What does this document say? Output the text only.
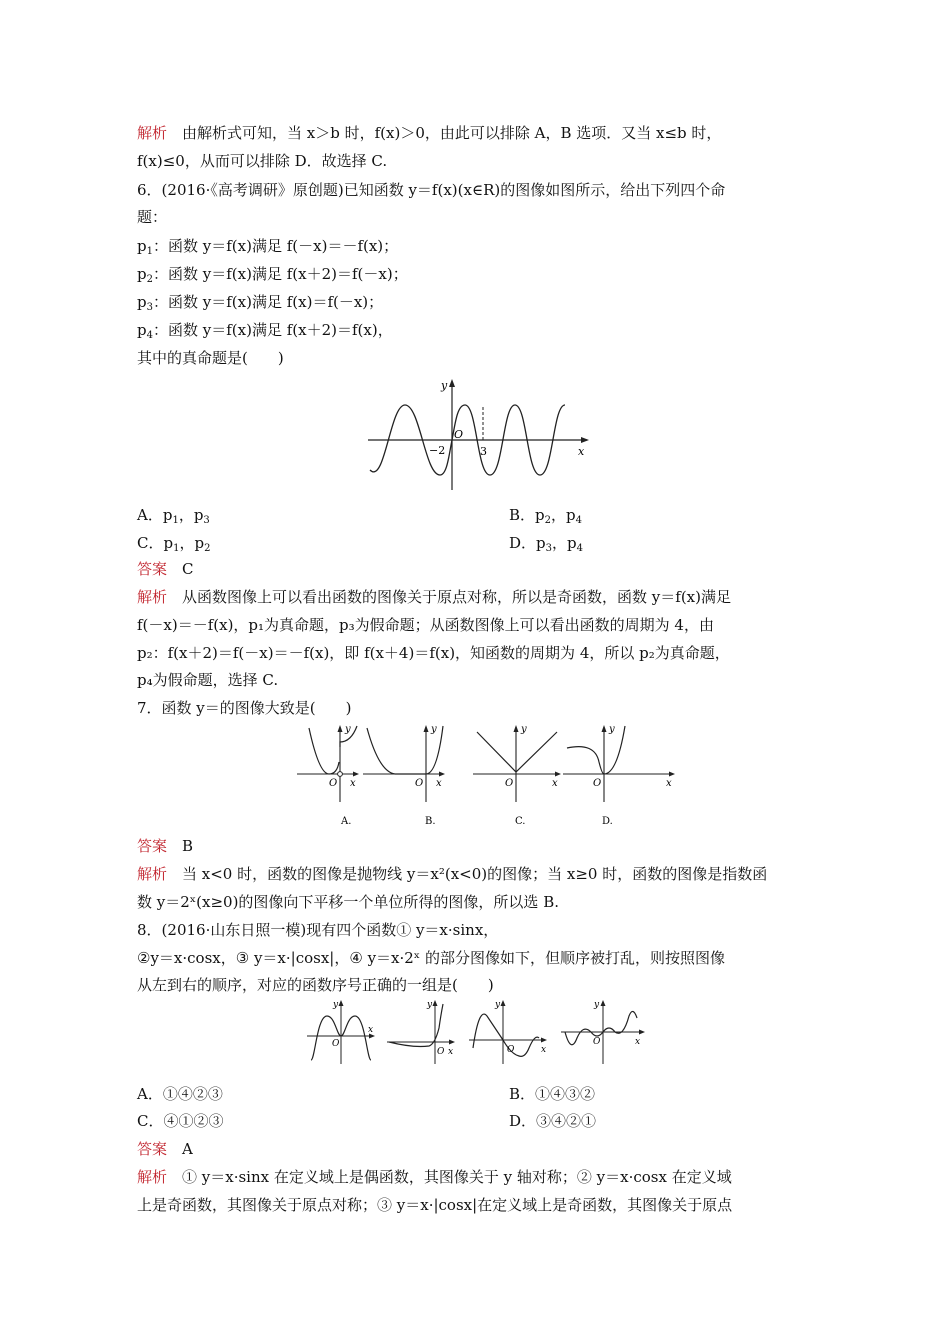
解析  由解析式可知，当 x＞b 时，f(x)＞0，由此可以排除 A，B 选项．又当 x≤b 时，
f(x)≤0，从而可以排除 D．故选择 C.
6．(2016·《高考调研》原创题)已知函数 y＝f(x)(x∈R)的图像如图所示，给出下列四个命
题：
$p_1$：函数 y＝f(x)满足 f(－x)＝－f(x)；
$p_2$：函数 y＝f(x)满足 f(x＋2)＝f(－x)；
$p_3$：函数 y＝f(x)满足 f(x)＝f(－x)；
$p_4$：函数 y＝f(x)满足 f(x＋2)＝f(x)，
其中的真命题是(　　)
y
x
O
−2	3
A．$p_1$，$p_3$	B．$p_2$，$p_4$
C．$p_1$，$p_2$	D．$p_3$，$p_4$
答案  C
解析  从函数图像上可以看出函数的图像关于原点对称，所以是奇函数，函数 y＝f(x)满足
f(－x)＝－f(x)，p₁为真命题，p₃为假命题；从函数图像上可以看出函数的周期为 4，由
p₂：f(x＋2)＝f(－x)＝－f(x)，即 f(x＋4)＝f(x)，知函数的周期为 4，所以 p₂为真命题，
p₄为假命题，选择 C.
7．函数 y＝的图像大致是(　　)
y
x
O
A.
y
x
O
B.
y
x
O
C.
y
x
O
D.
答案  B
解析  当 x<0 时，函数的图像是抛物线 y＝x²(x<0)的图像；当 x≥0 时，函数的图像是指数函
数 y＝2ˣ(x≥0)的图像向下平移一个单位所得的图像，所以选 B.
8．(2016·山东日照一模)现有四个函数① y＝x·sinx，
②y＝x·cosx，③ y＝x·|cosx|，④ y＝x·2ˣ 的部分图像如下，但顺序被打乱，则按照图像
从左到右的顺序，对应的函数序号正确的一组是(　　)
y
x
O
y
x
O
y
x
O
y
x
O
A．①④②③	B．①④③②
C．④①②③	D．③④②①
答案  A
解析  ① y＝x·sinx 在定义域上是偶函数，其图像关于 y 轴对称；② y＝x·cosx 在定义域
上是奇函数，其图像关于原点对称；③ y＝x·|cosx|在定义域上是奇函数，其图像关于原点
